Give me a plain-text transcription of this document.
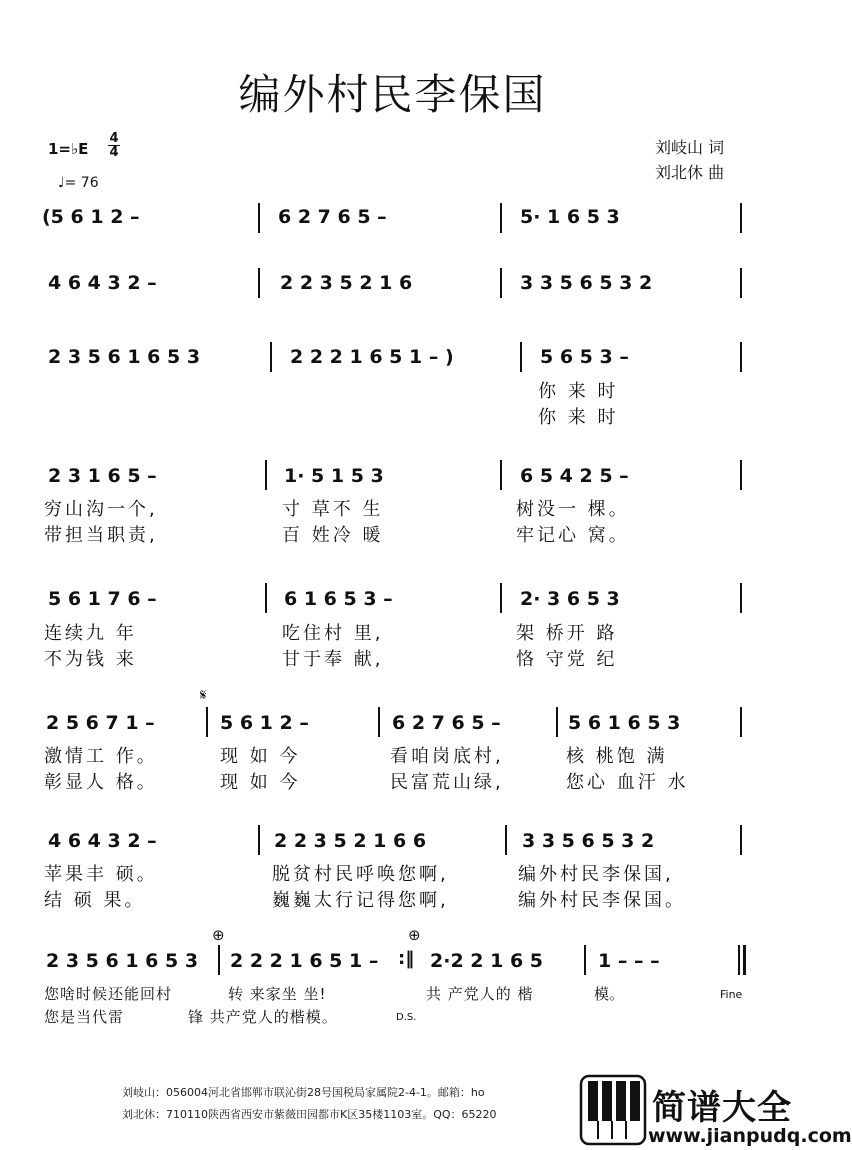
编外村民李保国
1=♭E
4
4
♩= 76
刘岐山 词
刘北休 曲
(5 6 1 2 –	6 2 7 6 5 –	5· 1 6 5 3
4 6 4 3 2 –	2 2 3 5 2 1 6	3 3 5 6 5 3 2
2 3 5 6 1 6 5 3	2 2 2 1 6 5 1 – )	5 6 5 3 –
你 来 时
你 来 时
2 3 1 6 5 –	1· 5 1 5 3	6 5 4 2 5 –
穷山沟一个,	寸 草不 生	树没一 棵。
带担当职责,	百 姓冷 暖	牢记心 窝。
5 6 1 7 6 –	6 1 6 5 3 –	2· 3 6 5 3
连续九 年	吃住村 里,	架 桥开 路
不为钱 来	甘于奉 献,	恪 守党 纪
𝄋
2 5 6 7 1 –	5 6 1 2 –	6 2 7 6 5 –	5 6 1 6 5 3
激情工 作。	现 如 今	看咱岗底村,	核 桃饱 满
彰显人 格。	现 如 今	民富荒山绿,	您心 血汗 水
4 6 4 3 2 –	2 2 3 5 2 1 6 6	3 3 5 6 5 3 2
苹果丰 硕。	脱贫村民呼唤您啊,	编外村民李保国,
结 硕 果。	巍巍太行记得您啊,	编外村民李保国。
⊕	⊕
2 3 5 6 1 6 5 3 2 2 2 1 6 5 1 – :‖ 2·2 2 1 6 5	1 – – –
您啥时候还能回村	转 来家坐 坐!	共 产党人的 楷	模。
您是当代雷	锋 共产党人的楷模。
Fine
D.S.
刘岐山：056004河北省邯郸市联沁街28号国税局家属院2-4-1。邮箱：ho
刘北休：710110陕西省西安市紫薇田园都市K区35楼1103室。QQ：65220	简谱大全
www.jianpudq.com
